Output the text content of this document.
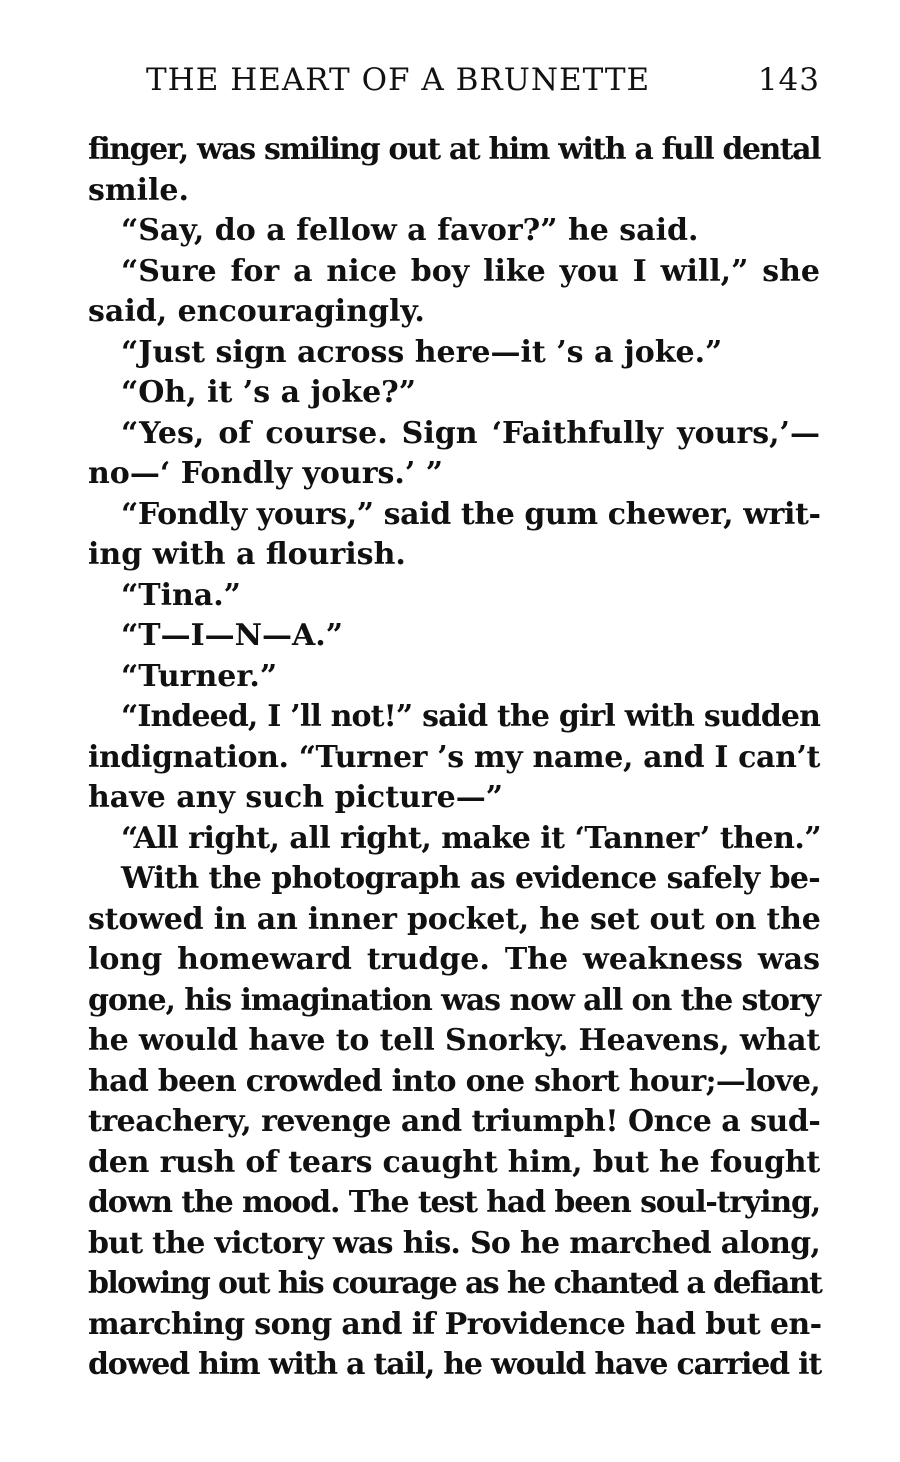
THE HEART OF A BRUNETTE	143
finger, was smiling out at him with a full dental
smile.
“Say, do a fellow a favor?” he said.
“Sure for a nice boy like you I will,” she
said, encouragingly.
“Just sign across here—it ’s a joke.”
“Oh, it ’s a joke?”
“Yes, of course. Sign ‘Faithfully yours,’—
no—‘ Fondly yours.’ ”
“Fondly yours,” said the gum chewer, writ-
ing with a flourish.
“Tina.”
“T—I—N—A.”
“Turner.”
“Indeed, I ’ll not!” said the girl with sudden
indignation. “Turner ’s my name, and I can’t
have any such picture—”
“All right, all right, make it ‘Tanner’ then.”
With the photograph as evidence safely be-
stowed in an inner pocket, he set out on the
long homeward trudge. The weakness was
gone, his imagination was now all on the story
he would have to tell Snorky. Heavens, what
had been crowded into one short hour;—love,
treachery, revenge and triumph! Once a sud-
den rush of tears caught him, but he fought
down the mood. The test had been soul-trying,
but the victory was his. So he marched along,
blowing out his courage as he chanted a defiant
marching song and if Providence had but en-
dowed him with a tail, he would have carried it
